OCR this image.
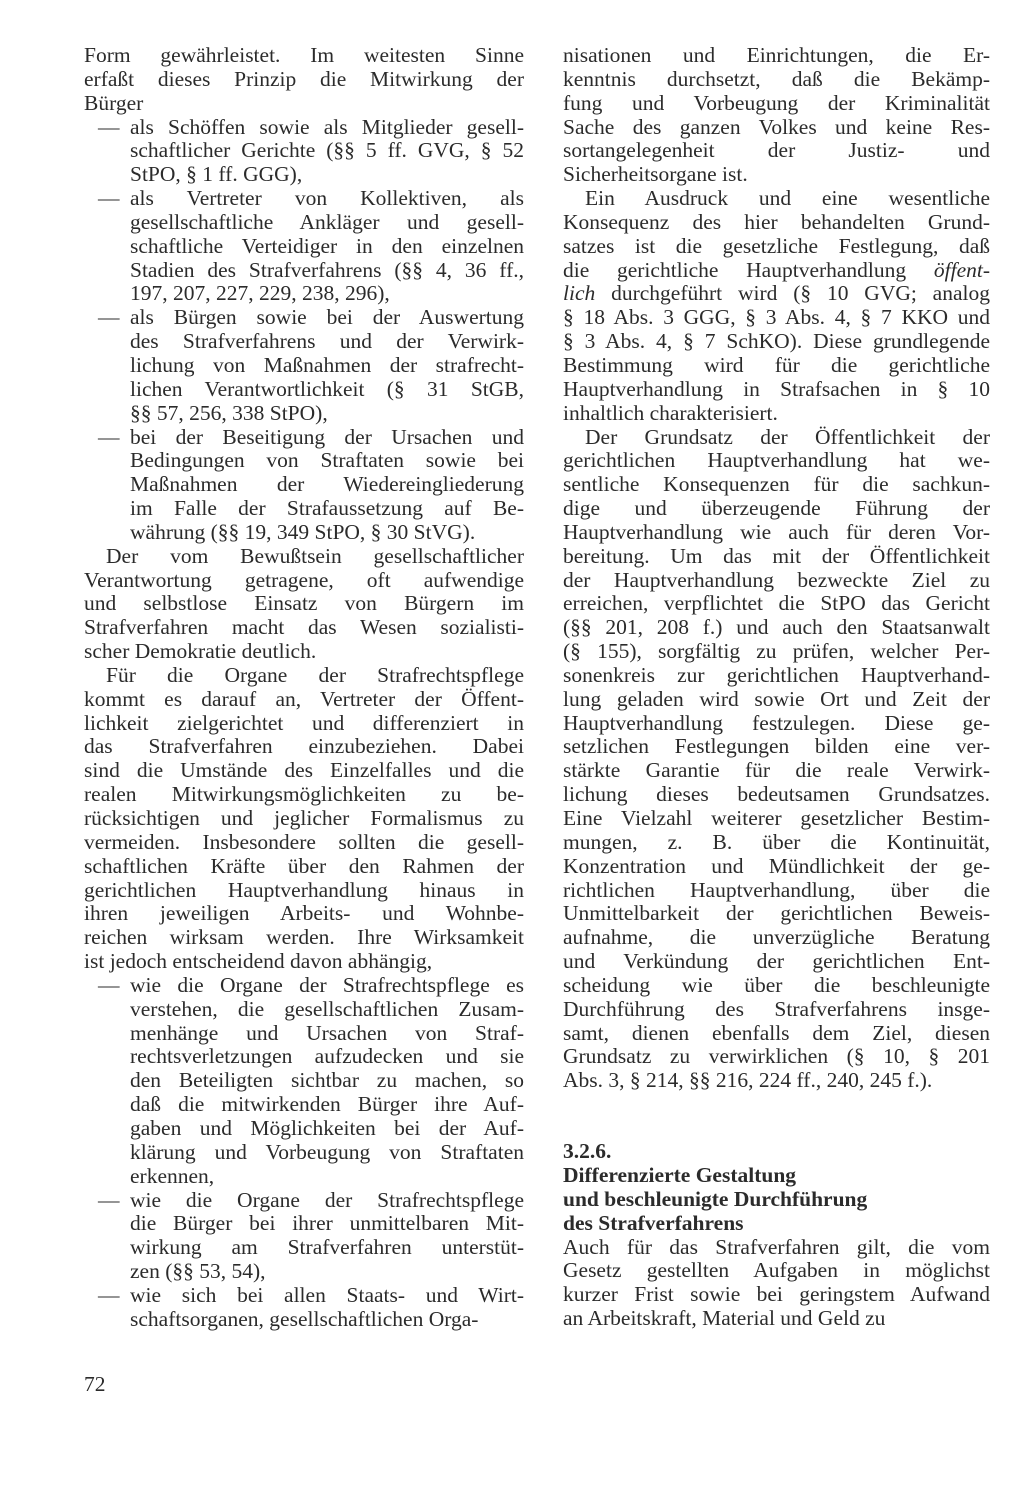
Form gewährleistet. Im weitesten Sinne
erfaßt dieses Prinzip die Mitwirkung der
Bürger
— als Schöffen sowie als Mitglieder gesell-
schaftlicher Gerichte (§§ 5 ff. GVG, § 52
StPO, § 1 ff. GGG),
— als Vertreter von Kollektiven, als
gesellschaftliche Ankläger und gesell-
schaftliche Verteidiger in den einzelnen
Stadien des Strafverfahrens (§§ 4, 36 ff.,
197, 207, 227, 229, 238, 296),
— als Bürgen sowie bei der Auswertung
des Strafverfahrens und der Verwirk-
lichung von Maßnahmen der strafrecht-
lichen Verantwortlichkeit (§ 31 StGB,
§§ 57, 256, 338 StPO),
— bei der Beseitigung der Ursachen und
Bedingungen von Straftaten sowie bei
Maßnahmen der Wiedereingliederung
im Falle der Strafaussetzung auf Be-
währung (§§ 19, 349 StPO, § 30 StVG).
Der vom Bewußtsein gesellschaftlicher
Verantwortung getragene, oft aufwendige
und selbstlose Einsatz von Bürgern im
Strafverfahren macht das Wesen sozialisti-
scher Demokratie deutlich.
Für die Organe der Strafrechtspflege
kommt es darauf an, Vertreter der Öffent-
lichkeit zielgerichtet und differenziert in
das Strafverfahren einzubeziehen. Dabei
sind die Umstände des Einzelfalles und die
realen Mitwirkungsmöglichkeiten zu be-
rücksichtigen und jeglicher Formalismus zu
vermeiden. Insbesondere sollten die gesell-
schaftlichen Kräfte über den Rahmen der
gerichtlichen Hauptverhandlung hinaus in
ihren jeweiligen Arbeits- und Wohnbe-
reichen wirksam werden. Ihre Wirksamkeit
ist jedoch entscheidend davon abhängig,
— wie die Organe der Strafrechtspflege es
verstehen, die gesellschaftlichen Zusam-
menhänge und Ursachen von Straf-
rechtsverletzungen aufzudecken und sie
den Beteiligten sichtbar zu machen, so
daß die mitwirkenden Bürger ihre Auf-
gaben und Möglichkeiten bei der Auf-
klärung und Vorbeugung von Straftaten
erkennen,
— wie die Organe der Strafrechtspflege
die Bürger bei ihrer unmittelbaren Mit-
wirkung am Strafverfahren unterstüt-
zen (§§ 53, 54),
— wie sich bei allen Staats- und Wirt-
schaftsorganen, gesellschaftlichen Orga-
nisationen und Einrichtungen, die Er-
kenntnis durchsetzt, daß die Bekämp-
fung und Vorbeugung der Kriminalität
Sache des ganzen Volkes und keine Res-
sortangelegenheit der Justiz- und
Sicherheitsorgane ist.
Ein Ausdruck und eine wesentliche
Konsequenz des hier behandelten Grund-
satzes ist die gesetzliche Festlegung, daß
die gerichtliche Hauptverhandlung öffent-
lich durchgeführt wird (§ 10 GVG; analog
§ 18 Abs. 3 GGG, § 3 Abs. 4, § 7 KKO und
§ 3 Abs. 4, § 7 SchKO). Diese grundlegende
Bestimmung wird für die gerichtliche
Hauptverhandlung in Strafsachen in § 10
inhaltlich charakterisiert.
Der Grundsatz der Öffentlichkeit der
gerichtlichen Hauptverhandlung hat we-
sentliche Konsequenzen für die sachkun-
dige und überzeugende Führung der
Hauptverhandlung wie auch für deren Vor-
bereitung. Um das mit der Öffentlichkeit
der Hauptverhandlung bezweckte Ziel zu
erreichen, verpflichtet die StPO das Gericht
(§§ 201, 208 f.) und auch den Staatsanwalt
(§ 155), sorgfältig zu prüfen, welcher Per-
sonenkreis zur gerichtlichen Hauptverhand-
lung geladen wird sowie Ort und Zeit der
Hauptverhandlung festzulegen. Diese ge-
setzlichen Festlegungen bilden eine ver-
stärkte Garantie für die reale Verwirk-
lichung dieses bedeutsamen Grundsatzes.
Eine Vielzahl weiterer gesetzlicher Bestim-
mungen, z. B. über die Kontinuität,
Konzentration und Mündlichkeit der ge-
richtlichen Hauptverhandlung, über die
Unmittelbarkeit der gerichtlichen Beweis-
aufnahme, die unverzügliche Beratung
und Verkündung der gerichtlichen Ent-
scheidung wie über die beschleunigte
Durchführung des Strafverfahrens insge-
samt, dienen ebenfalls dem Ziel, diesen
Grundsatz zu verwirklichen (§ 10, § 201
Abs. 3, § 214, §§ 216, 224 ff., 240, 245 f.).
3.2.6.
Differenzierte Gestaltung
und beschleunigte Durchführung
des Strafverfahrens
Auch für das Strafverfahren gilt, die vom
Gesetz gestellten Aufgaben in möglichst
kurzer Frist sowie bei geringstem Aufwand
an Arbeitskraft, Material und Geld zu
72
